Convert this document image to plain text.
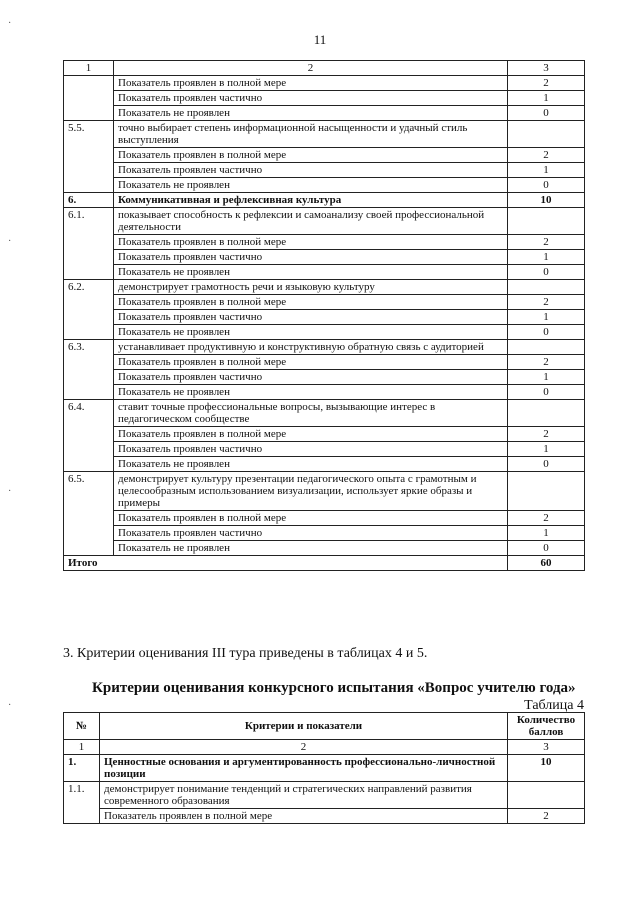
11
·
·
·
·
1	2	3
	Показатель проявлен в полной мере	2
	Показатель проявлен частично	1
	Показатель не проявлен	0
5.5.	точно выбирает степень информационной насыщенности и удачный стиль выступления	
	Показатель проявлен в полной мере	2
	Показатель проявлен частично	1
	Показатель не проявлен	0
6.	Коммуникативная и рефлексивная культура	10
6.1.	показывает способность к рефлексии и самоанализу своей профессиональной деятельности	
	Показатель проявлен в полной мере	2
	Показатель проявлен частично	1
	Показатель не проявлен	0
6.2.	демонстрирует грамотность речи и языковую культуру	
	Показатель проявлен в полной мере	2
	Показатель проявлен частично	1
	Показатель не проявлен	0
6.3.	устанавливает продуктивную и конструктивную обратную связь с аудиторией	
	Показатель проявлен в полной мере	2
	Показатель проявлен частично	1
	Показатель не проявлен	0
6.4.	ставит точные профессиональные вопросы, вызывающие интерес в педагогическом сообществе	
	Показатель проявлен в полной мере	2
	Показатель проявлен частично	1
	Показатель не проявлен	0
6.5.	демонстрирует культуру презентации педагогического опыта с грамотным и целесообразным использованием визуализации, использует яркие образы и примеры	
	Показатель проявлен в полной мере	2
	Показатель проявлен частично	1
	Показатель не проявлен	0
Итого		60
3. Критерии оценивания III тура приведены в таблицах 4 и 5.
Критерии оценивания конкурсного испытания «Вопрос учителю года»
Таблица 4
№	Критерии и показатели	Количество баллов
1	2	3
1.	Ценностные основания и аргументированность профессионально-личностной позиции	10
1.1.	демонстрирует понимание тенденций и стратегических направлений развития современного образования	
	Показатель проявлен в полной мере	2
